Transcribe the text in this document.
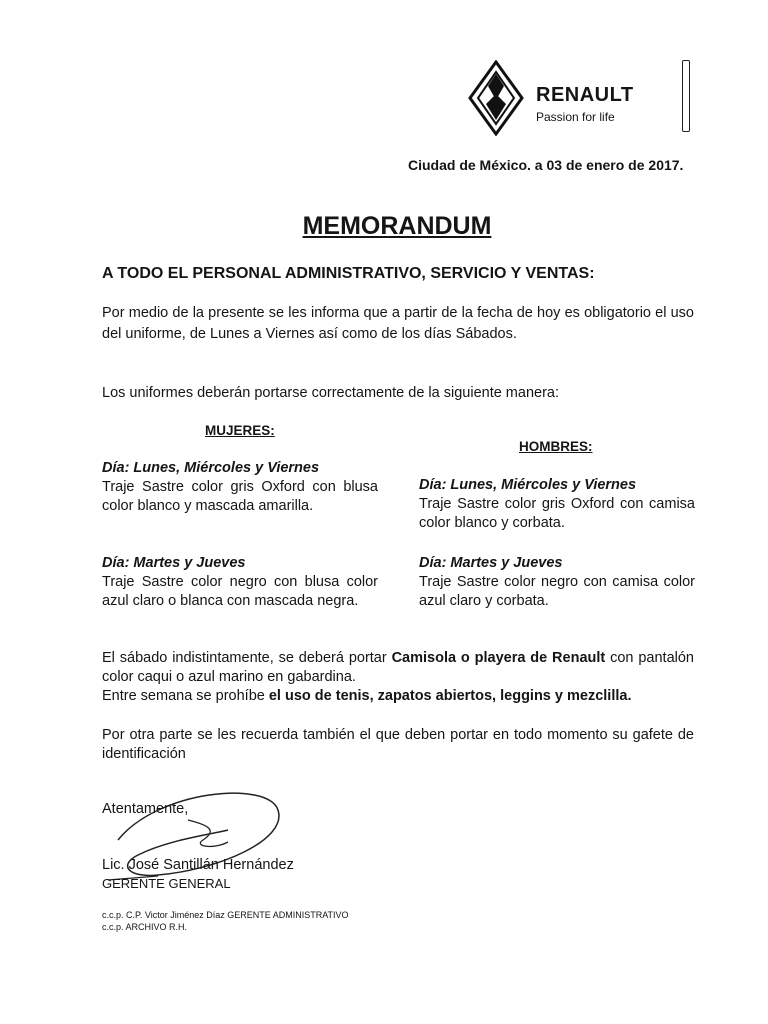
RENAULT
Passion for life
Ciudad de México. a 03 de enero de 2017.
MEMORANDUM
A TODO EL PERSONAL ADMINISTRATIVO, SERVICIO Y VENTAS:
Por medio de la presente se les informa que a partir de la fecha de hoy es obligatorio el uso del uniforme, de Lunes a Viernes así como de los días Sábados.
Los uniformes deberán portarse correctamente de la siguiente manera:
MUJERES:
HOMBRES:
Día: Lunes, Miércoles y Viernes
Traje Sastre color gris Oxford con blusa color blanco y mascada amarilla.
Día: Martes y Jueves
Traje Sastre color negro con blusa color azul claro o blanca con mascada negra.
Día: Lunes, Miércoles y Viernes
Traje Sastre color gris Oxford con camisa color blanco y corbata.
Día: Martes y Jueves
Traje Sastre color negro con camisa color azul claro y corbata.
El sábado indistintamente, se deberá portar Camisola o playera de Renault con pantalón color caqui o azul marino en gabardina.
Entre semana se prohíbe el uso de tenis, zapatos abiertos, leggins y mezclilla.
Por otra parte se les recuerda también el que deben portar en todo momento su gafete de identificación
Atentamente,
Lic. José Santillán Hernández
GERENTE GENERAL
c.c.p. C.P. Victor Jiménez Díaz GERENTE ADMINISTRATIVO
c.c.p. ARCHIVO R.H.
